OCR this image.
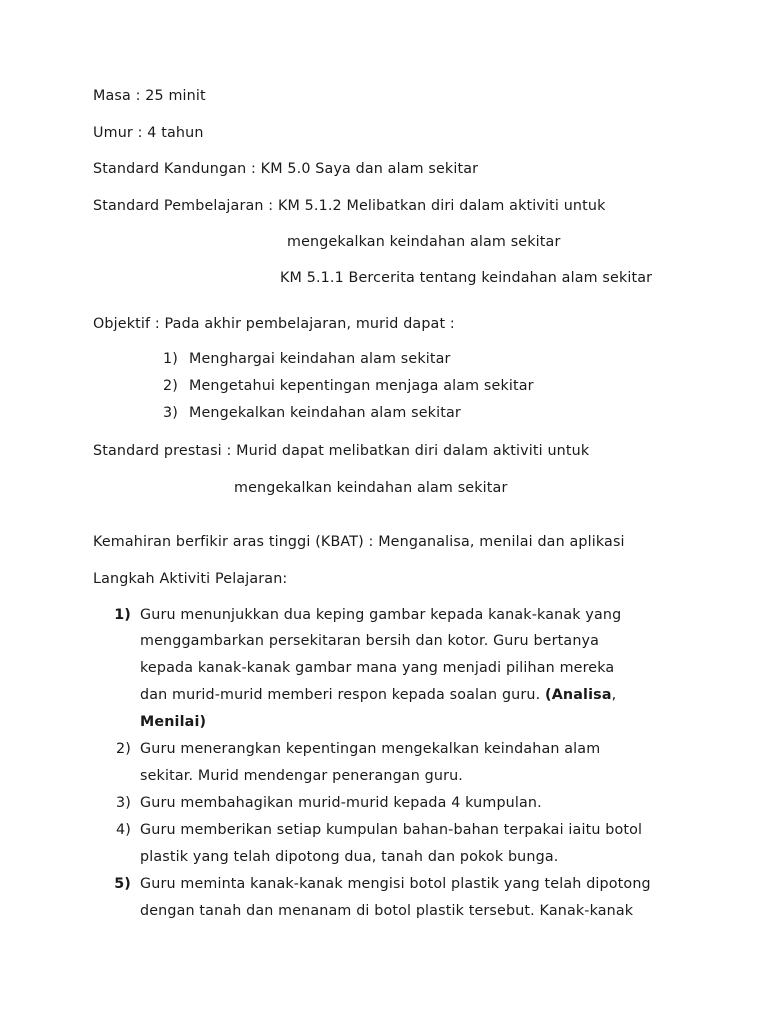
Masa : 25 minit
Umur : 4 tahun
Standard Kandungan : KM 5.0 Saya dan alam sekitar
Standard Pembelajaran : KM 5.1.2 Melibatkan diri dalam aktiviti untuk
mengekalkan keindahan alam sekitar
KM 5.1.1 Bercerita tentang keindahan alam sekitar
Objektif : Pada akhir pembelajaran, murid dapat :
1) Menghargai keindahan alam sekitar
2) Mengetahui kepentingan menjaga alam sekitar
3) Mengekalkan keindahan alam sekitar
Standard prestasi : Murid dapat melibatkan diri dalam aktiviti untuk
mengekalkan keindahan alam sekitar
Kemahiran berfikir aras tinggi (KBAT) : Menganalisa, menilai dan aplikasi
Langkah Aktiviti Pelajaran:
1) Guru menunjukkan dua keping gambar kepada kanak-kanak yang
menggambarkan persekitaran bersih dan kotor. Guru bertanya
kepada kanak-kanak gambar mana yang menjadi pilihan mereka
dan murid-murid memberi respon kepada soalan guru. (Analisa,
Menilai)
2) Guru menerangkan kepentingan mengekalkan keindahan alam
sekitar. Murid mendengar penerangan guru.
3) Guru membahagikan murid-murid kepada 4 kumpulan.
4) Guru memberikan setiap kumpulan bahan-bahan terpakai iaitu botol
plastik yang telah dipotong dua, tanah dan pokok bunga.
5) Guru meminta kanak-kanak mengisi botol plastik yang telah dipotong
dengan tanah dan menanam di botol plastik tersebut. Kanak-kanak
